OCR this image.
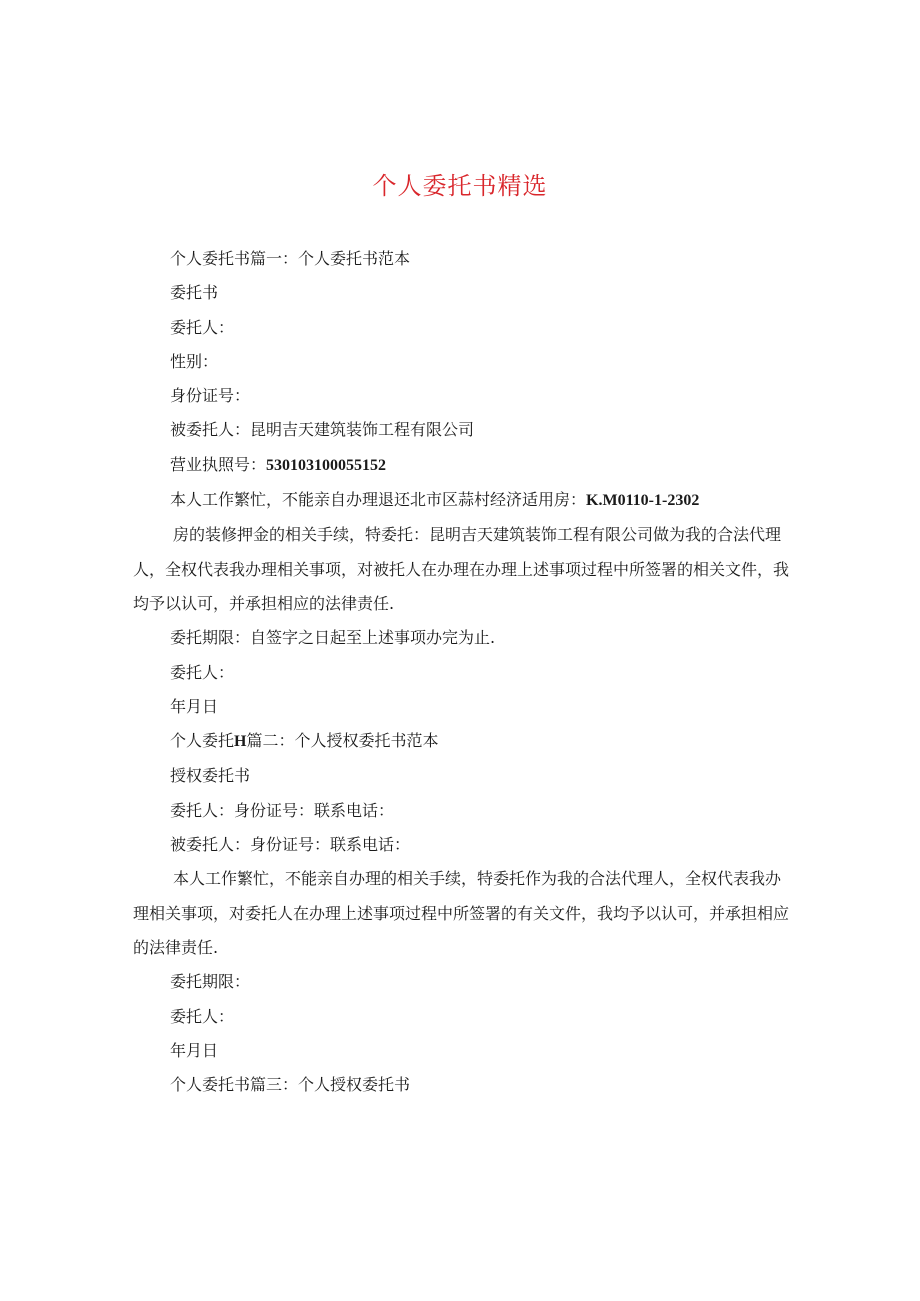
个人委托书精选
个人委托书篇一：个人委托书范本
委托书
委托人：
性别：
身份证号：
被委托人：昆明吉天建筑装饰工程有限公司
营业执照号：530103100055152
本人工作繁忙，不能亲自办理退还北市区蒜村经济适用房：K.M0110-1-2302
房的装修押金的相关手续，特委托：昆明吉天建筑装饰工程有限公司做为我的合法代理人，全权代表我办理相关事项，对被托人在办理在办理上述事项过程中所签署的相关文件，我均予以认可，并承担相应的法律责任.
委托期限：自签字之日起至上述事项办完为止.
委托人：
年月日
个人委托H篇二：个人授权委托书范本
授权委托书
委托人：身份证号：联系电话：
被委托人：身份证号：联系电话：
本人工作繁忙，不能亲自办理的相关手续，特委托作为我的合法代理人，全权代表我办理相关事项，对委托人在办理上述事项过程中所签署的有关文件，我均予以认可，并承担相应的法律责任.
委托期限：
委托人：
年月日
个人委托书篇三：个人授权委托书
